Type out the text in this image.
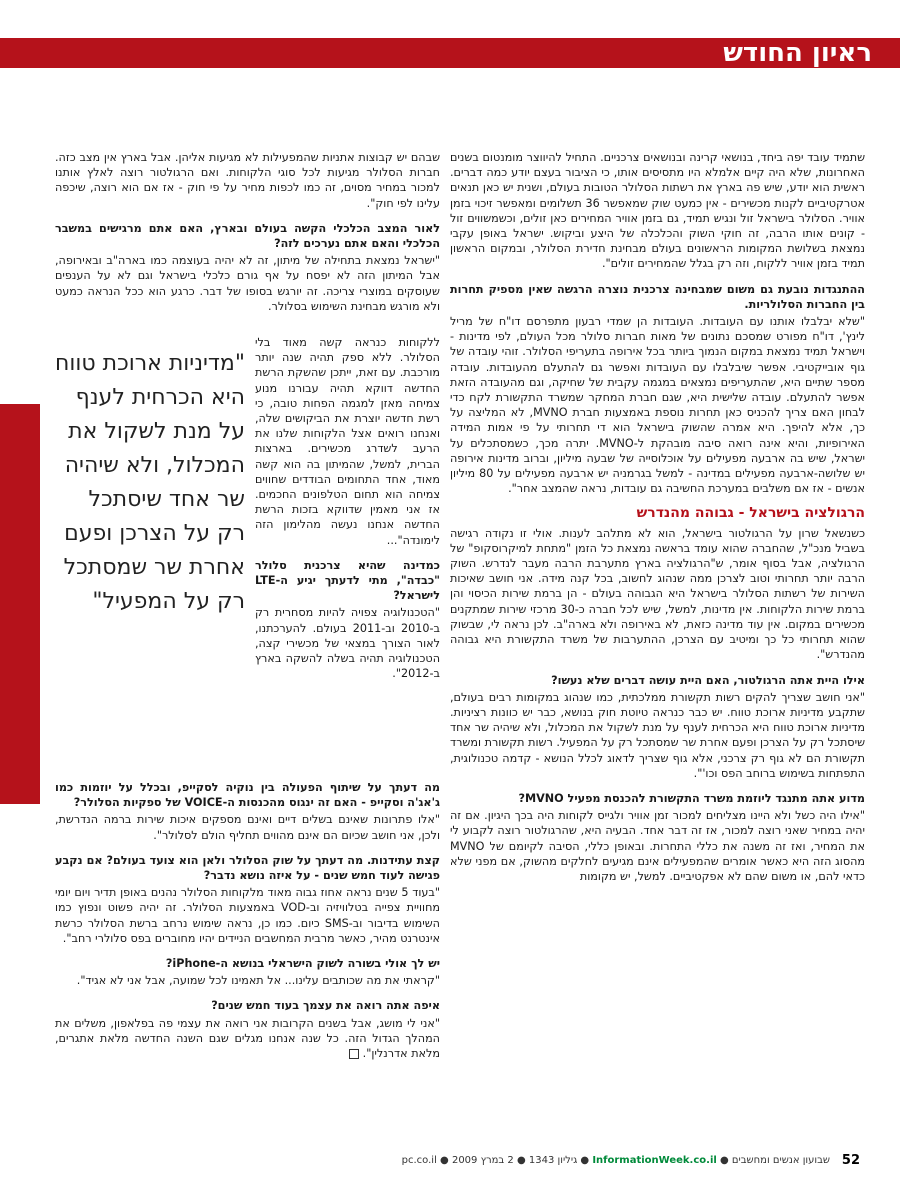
ראיון החודש

שתמיד עובד יפה ביחד, בנושאי קרינה ובנושאים צרכניים. התחיל להיווצר מומנטום בשנים האחרונות, שלא היה קיים אלמלא היו מתסיסים אותו, כי הציבור בעצם יודע כמה דברים. ראשית הוא יודע, שיש פה בארץ את רשתות הסלולר הטובות בעולם, ושנית יש כאן תנאים אטרקטיביים לקנות מכשירים - אין כמעט שוק שמאפשר 36 תשלומים ומאפשר זיכוי בזמן אוויר. הסלולר בישראל זול ונגיש תמיד, גם בזמן אוויר המחירים כאן זולים, וכשמשווים זול - קונים אותו הרבה, זה חוקי השוק והכלכלה של היצע וביקוש. ישראל באופן עקבי נמצאת בשלושת המקומות הראשונים בעולם מבחינת חדירת הסלולר, ובמקום הראשון תמיד בזמן אוויר ללקוח, וזה רק בגלל שהמחירים זולים".

ההתנגדות נובעת גם משום שמבחינה צרכנית נוצרה הרגשה שאין מספיק תחרות בין החברות הסלולריות.

"שלא יבלבלו אותנו עם העובדות. העובדות הן שמדי רבעון מתפרסם דו"ח של מריל לינץ', דו"ח מפורט שמסכם נתונים של מאות חברות סלולר מכל העולם, לפי מדינות - וישראל תמיד נמצאת במקום הנמוך ביותר בכל אירופה בתעריפי הסלולר. זוהי עובדה של גוף אובייקטיבי. אפשר שיבלבלו עם העובדות ואפשר גם להתעלם מהעובדות. עובדה מספר שתיים היא, שהתעריפים נמצאים במגמה עקבית של שחיקה, וגם מהעובדה הזאת אפשר להתעלם. עובדה שלישית היא, שגם חברת המחקר שמשרד התקשורת לקח כדי לבחון האם צריך להכניס כאן תחרות נוספת באמצעות חברת MVNO, לא המליצה על כך, אלא להיפך. היא אמרה שהשוק בישראל הוא די תחרותי על פי אמות המידה האירופיות, והיא אינה רואה סיבה מובהקת ל-MVNO. יתרה מכך, כשמסתכלים על ישראל, שיש בה ארבעה מפעילים על אוכלוסייה של שבעה מיליון, וברוב מדינות אירופה יש שלושה-ארבעה מפעילים במדינה - למשל בגרמניה יש ארבעה מפעילים על 80 מיליון אנשים - אז אם משלבים במערכת החשיבה גם עובדות, נראה שהמצב אחר".

הרגולציה בישראל - גבוהה מהנדרש

כשנשאל שרון על הרגולטור בישראל, הוא לא מתלהב לענות. אולי זו נקודה רגישה בשביל מנכ"ל, שהחברה שהוא עומד בראשה נמצאת כל הזמן "מתחת למיקרוסקופ" של הרגולציה, אבל בסוף אומר, ש"הרגולציה בארץ מתערבת הרבה מעבר לנדרש. השוק הרבה יותר תחרותי וטוב לצרכן ממה שנהוג לחשוב, בכל קנה מידה. אני חושב שאיכות השירות של רשתות הסלולר בישראל היא הגבוהה בעולם - הן ברמת שירות הכיסוי והן ברמת שירות הלקוחות. אין מדינות, למשל, שיש לכל חברה כ-30 מרכזי שירות שמתקנים מכשירים במקום. אין עוד מדינה כזאת, לא באירופה ולא בארה"ב. לכן נראה לי, שבשוק שהוא תחרותי כל כך ומיטיב עם הצרכן, ההתערבות של משרד התקשורת היא גבוהה מהנדרש".

אילו היית אתה הרגולטור, האם היית עושה דברים שלא נעשו?

"אני חושב שצריך להקים רשות תקשורת ממלכתית, כמו שנהוג במקומות רבים בעולם, שתקבע מדיניות ארוכת טווח. יש כבר כנראה טיוטת חוק בנושא, כבר יש כוונות רציניות. מדיניות ארוכת טווח היא הכרחית לענף על מנת לשקול את המכלול, ולא שיהיה שר אחד שיסתכל רק על הצרכן ופעם אחרת שר שמסתכל רק על המפעיל. רשות תקשורת ומשרד תקשורת הם לא גוף רק צרכני, אלא גוף שצריך לדאוג לכלל הנושא - קדמה טכנולוגית, התפתחות בשימוש ברוחב הפס וכו'".

מדוע אתה מתנגד ליוזמת משרד התקשורת להכנסת מפעיל MVNO?

"אילו היה כשל ולא היינו מצליחים למכור זמן אוויר ולגייס לקוחות היה בכך היגיון. אם זה יהיה במחיר שאני רוצה למכור, אז זה דבר אחד. הבעיה היא, שהרגולטור רוצה לקבוע לי את המחיר, ואז זה משנה את כללי התחרות. ובאופן כללי, הסיבה לקיומם של MVNO מהסוג הזה היא כאשר אומרים שהמפעילים אינם מגיעים לחלקים מהשוק, אם מפני שלא כדאי להם, או משום שהם לא אפקטיביים. למשל, יש מקומות

שבהם יש קבוצות אתניות שהמפעילות לא מגיעות אליהן. אבל בארץ אין מצב כזה. חברות הסלולר מגיעות לכל סוגי הלקוחות. ואם הרגולטור רוצה לאלץ אותנו למכור במחיר מסוים, זה כמו לכפות מחיר על פי חוק - אז אם הוא רוצה, שיכפה עלינו לפי חוק".

לאור המצב הכלכלי הקשה בעולם ובארץ, האם אתם מרגישים במשבר הכלכלי והאם אתם נערכים לזה?

"ישראל נמצאת בתחילה של מיתון, זה לא יהיה בעוצמה כמו בארה"ב ובאירופה, אבל המיתון הזה לא יפסח על אף גורם כלכלי בישראל וגם לא על הענפים שעוסקים במוצרי צריכה. זה יורגש בסופו של דבר. כרגע הוא ככל הנראה כמעט ולא מורגש מבחינת השימוש בסלולר.

"מדיניות ארוכת טווח היא הכרחית לענף על מנת לשקול את המכלול, ולא שיהיה שר אחד שיסתכל רק על הצרכן ופעם אחרת שר שמסתכל רק על המפעיל"

ללקוחות כנראה קשה מאוד בלי הסלולר. ללא ספק תהיה שנה יותר מורכבת. עם זאת, ייתכן שהשקת הרשת החדשה דווקא תהיה עבורנו מנוע צמיחה מאזן למגמה הפחות טובה, כי רשת חדשה יוצרת את הביקושים שלה, ואנחנו רואים אצל הלקוחות שלנו את הרעב לשדרג מכשירים. בארצות הברית, למשל, שהמיתון בה הוא קשה מאוד, אחד התחומים הבודדים שחווים צמיחה הוא תחום הטלפונים החכמים. אז אני מאמין שדווקא בזכות הרשת החדשה אנחנו נעשה מהלימון הזה לימונדה"...

כמדינה שהיא צרכנית סלולר "כבדה", מתי לדעתך יגיע ה-LTE לישראל?

"הטכנולוגיה צפויה להיות מסחרית רק ב-2010 וב-2011 בעולם. להערכתנו, לאור הצורך במצאי של מכשירי קצה, הטכנולוגיה תהיה בשלה להשקה בארץ ב-2012".

מה דעתך על שיתוף הפעולה בין נוקיה לסקייפ, ובכלל על יוזמות כמו ג'אג'ה וסקייפ - האם זה ינגוס מהכנסות ה-VOICE של ספקיות הסלולר?

"אלו פתרונות שאינם בשלים דיים ואינם מספקים איכות שירות ברמה הנדרשת, ולכן, אני חושב שכיום הם אינם מהווים תחליף הולם לסלולר".

קצת עתידנות. מה דעתך על שוק הסלולר ולאן הוא צועד בעולם? אם נקבע פגישה לעוד חמש שנים - על איזה נושא נדבר?

"בעוד 5 שנים נראה אחוז גבוה מאוד מלקוחות הסלולר נהנים באופן תדיר ויום יומי מחוויית צפייה בטלוויזיה וב-VOD באמצעות הסלולר. זה יהיה פשוט ונפוץ כמו השימוש בדיבור וב-SMS כיום. כמו כן, נראה שימוש נרחב ברשת הסלולר כרשת אינטרנט מהיר, כאשר מרבית המחשבים הניידים יהיו מחוברים בפס סלולרי רחב".

יש לך אולי בשורה לשוק הישראלי בנושא ה-iPhone?

"קראתי את מה שכותבים עלינו... אל תאמינו לכל שמועה, אבל אני לא אגיד".

איפה אתה רואה את עצמך בעוד חמש שנים?

"אני לי מושג, אבל בשנים הקרובות אני רואה את עצמי פה בפלאפון, משלים את המהלך הגדול הזה. כל שנה אנחנו מגלים שגם השנה החדשה מלאת אתגרים, מלאת אדרנלין".

52
שבועון אנשים ומחשבים ● InformationWeek.co.il ● גיליון 1343 ● 2 במרץ 2009 ● pc.co.il
